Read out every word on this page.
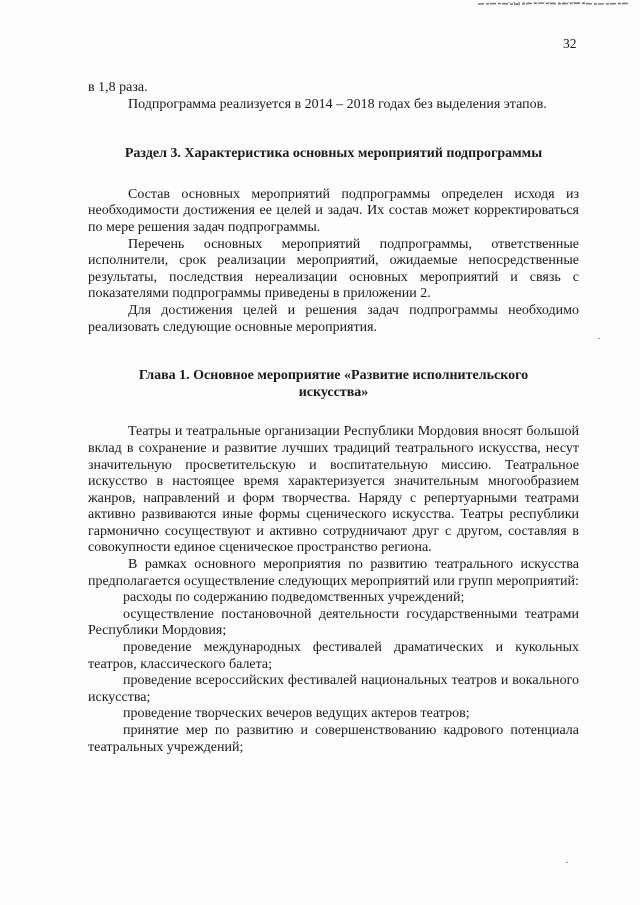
32

в 1,8 раза.

Подпрограмма реализуется в 2014 – 2018 годах без выделения этапов.

Раздел 3. Характеристика основных мероприятий подпрограммы

Состав основных мероприятий подпрограммы определен исходя из необходимости достижения ее целей и задач. Их состав может корректироваться по мере решения задач подпрограммы.

Перечень основных мероприятий подпрограммы, ответственные исполнители, срок реализации мероприятий, ожидаемые непосредственные результаты, последствия нереализации основных мероприятий и связь с показателями подпрограммы приведены в приложении 2.

Для достижения целей и решения задач подпрограммы необходимо реализовать следующие основные мероприятия.

Глава 1. Основное мероприятие «Развитие исполнительского
искусства»

Театры и театральные организации Республики Мордовия вносят большой вклад в сохранение и развитие лучших традиций театрального искусства, несут значительную просветительскую и воспитательную миссию. Театральное искусство в настоящее время характеризуется значительным многообразием жанров, направлений и форм творчества. Наряду с репертуарными театрами активно развиваются иные формы сценического искусства. Театры республики гармонично сосуществуют и активно сотрудничают друг с другом, составляя в совокупности единое сценическое пространство региона.

В рамках основного мероприятия по развитию театрального искусства предполагается осуществление следующих мероприятий или групп мероприятий:

расходы по содержанию подведомственных учреждений;

осуществление постановочной деятельности государственными театрами Республики Мордовия;

проведение международных фестивалей драматических и кукольных театров, классического балета;

проведение всероссийских фестивалей национальных театров и вокального искусства;

проведение творческих вечеров ведущих актеров театров;

принятие мер по развитию и совершенствованию кадрового потенциала театральных учреждений;
